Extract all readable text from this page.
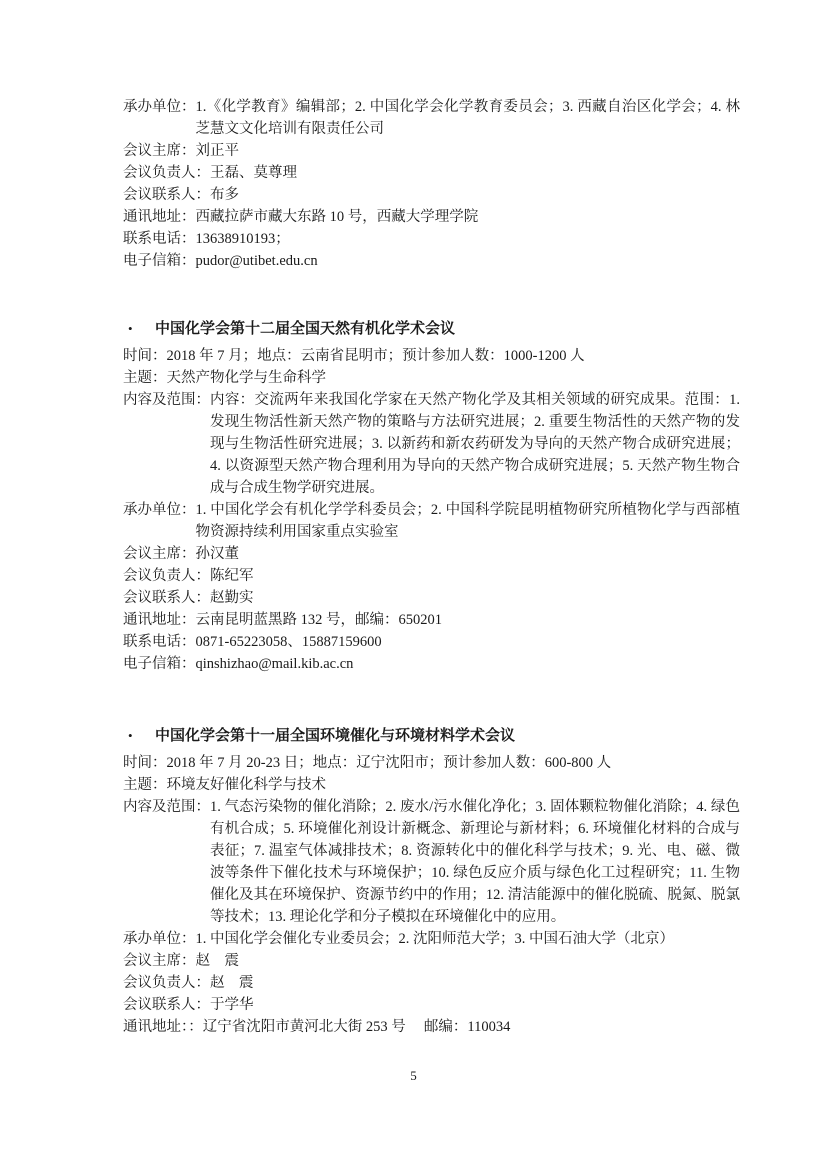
承办单位： 1.《化学教育》编辑部；2. 中国化学会化学教育委员会；3. 西藏自治区化学会；4. 林芝慧文文化培训有限责任公司
会议主席： 刘正平
会议负责人： 王磊、莫尊理
会议联系人： 布多
通讯地址： 西藏拉萨市藏大东路 10 号，西藏大学理学院
联系电话： 13638910193；
电子信箱： pudor@utibet.edu.cn
•	中国化学会第十二届全国天然有机化学术会议
时间： 2018 年 7 月；地点：云南省昆明市；预计参加人数：1000-1200 人
主题： 天然产物化学与生命科学
内容及范围： 内容：交流两年来我国化学家在天然产物化学及其相关领域的研究成果。范围：1. 发现生物活性新天然产物的策略与方法研究进展；2. 重要生物活性的天然产物的发现与生物活性研究进展；3. 以新药和新农药研发为导向的天然产物合成研究进展；4. 以资源型天然产物合理利用为导向的天然产物合成研究进展；5. 天然产物生物合成与合成生物学研究进展。
承办单位： 1. 中国化学会有机化学学科委员会；2. 中国科学院昆明植物研究所植物化学与西部植物资源持续利用国家重点实验室
会议主席： 孙汉董
会议负责人： 陈纪军
会议联系人： 赵勤实
通讯地址： 云南昆明蓝黑路 132 号，邮编：650201
联系电话： 0871-65223058、15887159600
电子信箱： qinshizhao@mail.kib.ac.cn
•	中国化学会第十一届全国环境催化与环境材料学术会议
时间： 2018 年 7 月 20-23 日；地点：辽宁沈阳市；预计参加人数：600-800 人
主题： 环境友好催化科学与技术
内容及范围： 1. 气态污染物的催化消除；2. 废水/污水催化净化；3. 固体颗粒物催化消除；4. 绿色有机合成；5. 环境催化剂设计新概念、新理论与新材料；6. 环境催化材料的合成与表征；7. 温室气体减排技术；8. 资源转化中的催化科学与技术；9. 光、电、磁、微波等条件下催化技术与环境保护；10. 绿色反应介质与绿色化工过程研究；11. 生物催化及其在环境保护、资源节约中的作用；12. 清洁能源中的催化脱硫、脱氮、脱氯等技术；13. 理论化学和分子模拟在环境催化中的应用。
承办单位： 1. 中国化学会催化专业委员会；2. 沈阳师范大学；3. 中国石油大学（北京）
会议主席： 赵　震
会议负责人： 赵　震
会议联系人： 于学华
通讯地址：： 辽宁省沈阳市黄河北大街 253 号　 邮编：110034
5
